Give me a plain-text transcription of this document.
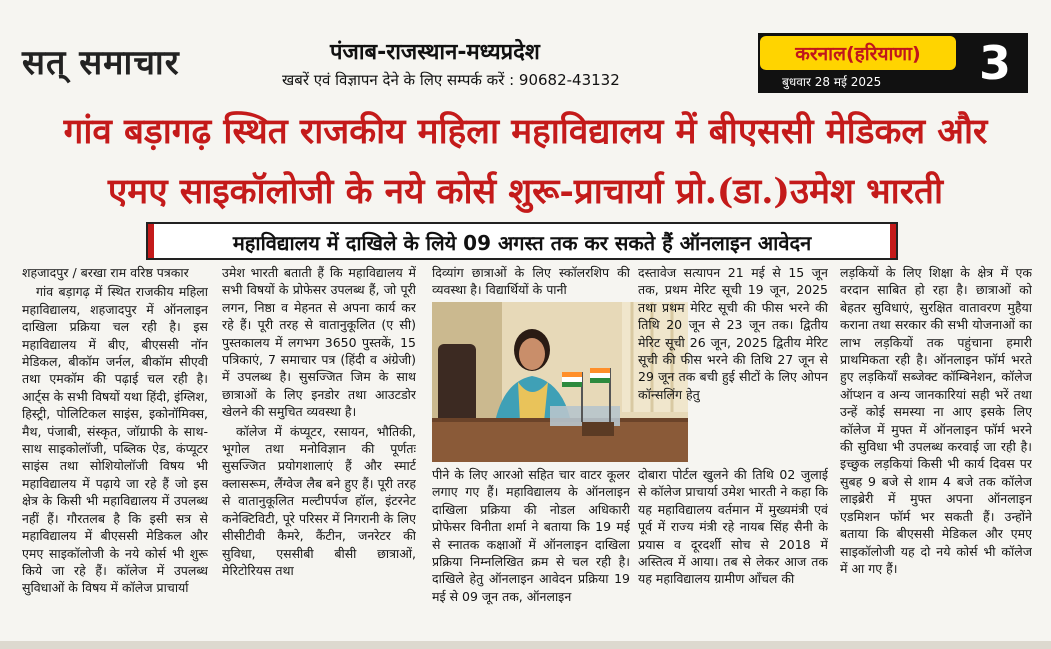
सत् समाचार	पंजाब-राजस्थान-मध्यप्रदेश
खबरें एवं विज्ञापन देने के लिए सम्पर्क करें : 90682-43132
करनाल(हरियाणा)
बुधवार 28 मई 2025	3
गांव बड़ागढ़ स्थित राजकीय महिला महाविद्यालय में बीएससी मेडिकल और
एमए साइकॉलोजी के नये कोर्स शुरू-प्राचार्या प्रो.(डा.)उमेश भारती
महाविद्यालय में दाखिले के लिये 09 अगस्त तक कर सकते हैं ऑनलाइन आवेदन

शहजादपुर / बरखा राम वरिष्ठ पत्रकार

गांव बड़ागढ़ में स्थित राजकीय महिला महाविद्यालय, शहजादपुर में ऑनलाइन दाखिला प्रक्रिया चल रही है। इस महाविद्यालय में बीए, बीएससी नॉन मेडिकल, बीकॉम जर्नल, बीकॉम सीएवी तथा एमकॉम की पढ़ाई चल रही है। आर्ट्स के सभी विषयों यथा हिंदी, इंग्लिश, हिस्ट्री, पोलिटिकल साइंस, इकोनॉमिक्स, मैथ, पंजाबी, संस्कृत, जॉग्राफी के साथ-साथ साइकोलॉजी, पब्लिक ऐड, कंप्यूटर साइंस तथा सोशियोलॉजी विषय भी महाविद्यालय में पढ़ाये जा रहे हैं जो इस क्षेत्र के किसी भी महाविद्यालय में उपलब्ध नहीं हैं। गौरतलब है कि इसी सत्र से महाविद्यालय में बीएससी मेडिकल और एमए साइकॉलोजी के नये कोर्स भी शुरू किये जा रहे हैं। कॉलेज में उपलब्ध सुविधाओं के विषय में कॉलेज प्राचार्या

उमेश भारती बताती हैं कि महाविद्यालय में सभी विषयों के प्रोफेसर उपलब्ध हैं, जो पूरी लगन, निष्ठा व मेहनत से अपना कार्य कर रहे हैं। पूरी तरह से वातानुकूलित (ए सी) पुस्तकालय में लगभग 3650 पुस्तकें, 15 पत्रिकाएं, 7 समाचार पत्र (हिंदी व अंग्रेजी) में उपलब्ध है। सुसज्जित जिम के साथ छात्राओं के लिए इनडोर तथा आउटडोर खेलने की समुचित व्यवस्था है।

कॉलेज में कंप्यूटर, रसायन, भौतिकी, भूगोल तथा मनोविज्ञान की पूर्णतः सुसज्जित प्रयोगशालाएं हैं और स्मार्ट क्लासरूम, लैंग्वेज लैब बने हुए हैं। पूरी तरह से वातानुकूलित मल्टीपर्पज हॉल, इंटरनेट कनेक्टिविटी, पूरे परिसर में निगरानी के लिए सीसीटीवी कैमरे, कैंटीन, जनरेटर की सुविधा, एससीबी बीसी छात्राओं, मेरिटोरियस तथा

दिव्यांग छात्राओं के लिए स्कॉलरशिप की व्यवस्था है। विद्यार्थियों के पानी

पीने के लिए आरओ सहित चार वाटर कूलर लगाए गए हैं। महाविद्यालय के ऑनलाइन दाखिला प्रक्रिया की नोडल अधिकारी प्रोफेसर विनीता शर्मा ने बताया कि 19 मई से स्नातक कक्षाओं में ऑनलाइन दाखिला प्रक्रिया निम्नलिखित क्रम से चल रही है। दाखिले हेतु ऑनलाइन आवेदन प्रक्रिया 19 मई से 09 जून तक, ऑनलाइन

दस्तावेज सत्यापन 21 मई से 15 जून तक, प्रथम मेरिट सूची 19 जून, 2025 तथा प्रथम मेरिट सूची की फीस भरने की तिथि 20 जून से 23 जून तक। द्वितीय मेरिट सूची 26 जून, 2025 द्वितीय मेरिट सूची की फीस भरने की तिथि 27 जून से 29 जून तक बची हुई सीटों के लिए ओपन कॉन्सलिंग हेतु

दोबारा पोर्टल खुलने की तिथि 02 जुलाई से कॉलेज प्राचार्या उमेश भारती ने कहा कि यह महाविद्यालय वर्तमान में मुख्यमंत्री एवं पूर्व में राज्य मंत्री रहे नायब सिंह सैनी के प्रयास व दूरदर्शी सोच से 2018 में अस्तित्व में आया। तब से लेकर आज तक यह महाविद्यालय ग्रामीण आँचल की

लड़कियों के लिए शिक्षा के क्षेत्र में एक वरदान साबित हो रहा है। छात्राओं को बेहतर सुविधाएं, सुरक्षित वातावरण मुहैया कराना तथा सरकार की सभी योजनाओं का लाभ लड़कियों तक पहुंचाना हमारी प्राथमिकता रही है। ऑनलाइन फॉर्म भरते हुए लड़कियाँ सब्जेक्ट कॉम्बिनेशन, कॉलेज ऑप्शन व अन्य जानकारियां सही भरें तथा उन्हें कोई समस्या ना आए इसके लिए कॉलेज में मुफ्त में ऑनलाइन फॉर्म भरने की सुविधा भी उपलब्ध करवाई जा रही है। इच्छुक लड़कियां किसी भी कार्य दिवस पर सुबह 9 बजे से शाम 4 बजे तक कॉलेज लाइब्रेरी में मुफ्त अपना ऑनलाइन एडमिशन फॉर्म भर सकती हैं। उन्होंने बताया कि बीएससी मेडिकल और एमए साइकॉलोजी यह दो नये कोर्स भी कॉलेज में आ गए हैं।
